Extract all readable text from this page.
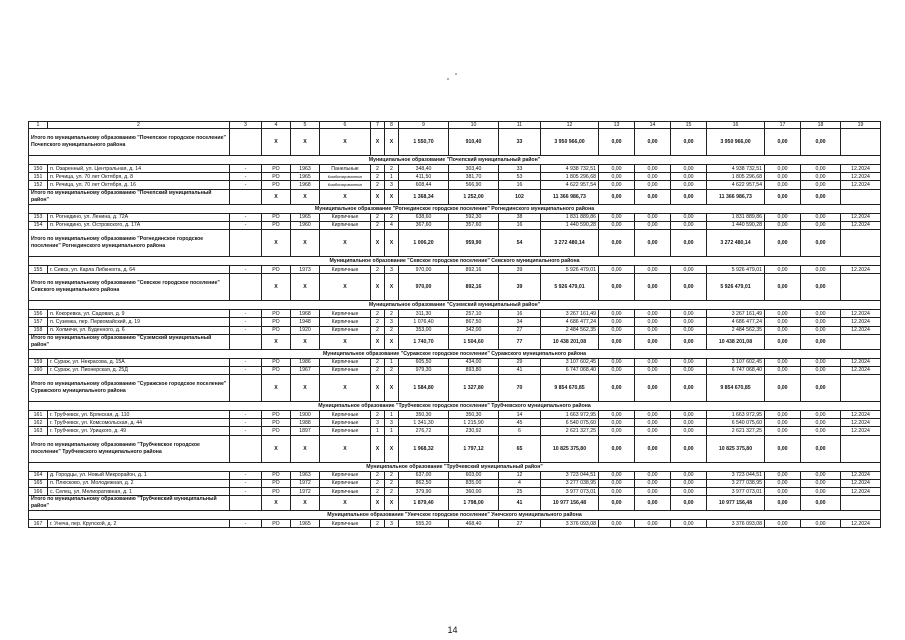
1	2	3	4	5	6	7	8	9	10	11	12	13	14	15	16	17	18	19
Итого по муниципальному образованию "Почепское городское поселение" Почепского муниципального района			X	X	X	X	X	1 550,70	910,40	33	3 950 966,00	0,00	0,00	0,00	3 950 966,00	0,00	0,00	
Муниципальное образование "Почепский муниципальный район"																		
150	п. Озаренный, ул. Центральная, д. 14	-	РО	1963	Панельные	2	2	348,40	303,40	33	4 938 732,51	0,00	0,00	0,00	4 938 732,51	0,00	0,00	12.2024
151	п. Речица, ул. 70 лет Октября, д. 8	-	РО	1965	Комбинированные	2	1	411,50	381,70	53	1 805 296,68	0,00	0,00	0,00	1 805 296,68	0,00	0,00	12.2024
152	п. Речица, ул. 70 лет Октября, д. 16	-	РО	1968	Комбинированные	2	3	608,44	566,90	16	4 622 957,54	0,00	0,00	0,00	4 622 957,54	0,00	0,00	12.2024
Итого по муниципальному образованию "Почепский муниципальный район"			X	X	X	X	X	1 368,34	1 252,00	102	11 366 986,73	0,00	0,00	0,00	11 366 986,73	0,00	0,00	
Муниципальное образование "Рогнединское городское поселение" Рогнединского муниципального района																		
153	п. Рогнедино, ул. Ленина, д. 72А	-	РО	1965	Кирпичные	2	2	638,60	592,30	38	1 831 889,86	0,00	0,00	0,00	1 831 889,86	0,00	0,00	12.2024
154	п. Рогнедино, ул. Островского, д. 17А	-	РО	1960	Кирпичные	2	4	367,60	357,60	16	1 440 590,28	0,00	0,00	0,00	1 440 590,28	0,00	0,00	12.2024
Итого по муниципальному образованию "Рогнединское городское поселение" Рогнединского муниципального района			X	X	X	X	X	1 006,20	959,90	54	3 272 480,14	0,00	0,00	0,00	3 272 480,14	0,00	0,00	
Муниципальное образование "Севское городское поселение" Севского муниципального района																		
155	г. Севск, ул. Карла Либкнехта, д. 64	-	РО	1973	Кирпичные	2	3	970,00	892,16	39	5 926 479,01	0,00	0,00	0,00	5 926 479,01	0,00	0,00	12.2024
Итого по муниципальному образованию "Севское городское поселение" Севского муниципального района			X	X	X	X	X	970,00	892,16	39	5 926 479,01	0,00	0,00	0,00	5 926 479,01	0,00	0,00	
Муниципальное образование "Суземский муниципальный район"																		
156	п. Кокоревка, ул. Садовая, д. 9	-	РО	1968	Кирпичные	2	2	311,30	257,10	16	3 267 161,49	0,00	0,00	0,00	3 267 161,49	0,00	0,00	12.2024
157	п. Суземка, пер. Первомайский, д. 19	-	РО	1948	Кирпичные	2	3	1 076,40	867,50	34	4 686 477,24	0,00	0,00	0,00	4 686 477,24	0,00	0,00	12.2024
158	п. Холмечи, ул. Буденного, д. 6	-	РО	1920	Кирпичные	2	2	353,00	342,00	27	2 484 562,35	0,00	0,00	0,00	2 484 562,35	0,00	0,00	12.2024
Итого по муниципальному образованию "Суземский муниципальный район"			X	X	X	X	X	1 740,70	1 504,60	77	10 438 201,08	0,00	0,00	0,00	10 438 201,08	0,00	0,00	
Муниципальное образование "Суражское городское поселение" Суражского муниципального района																		
159	г. Сураж, ул. Некрасова, д. 15А	-	РО	1986	Кирпичные	2	1	605,50	434,00	29	3 107 602,45	0,00	0,00	0,00	3 107 602,45	0,00	0,00	12.2024
160	г. Сураж, ул. Пионерская, д. 25Д	-	РО	1967	Кирпичные	2	2	979,30	893,80	41	6 747 068,40	0,00	0,00	0,00	6 747 068,40	0,00	0,00	12.2024
Итого по муниципальному образованию "Суражское городское поселение" Суражского муниципального района			X	X	X	X	X	1 584,80	1 327,80	70	9 854 670,85	0,00	0,00	0,00	9 854 670,85	0,00	0,00	
Муниципальное образование "Трубчевское городское поселение" Трубчевского муниципального района																		
161	г. Трубчевск, ул. Брянская, д. 110	-	РО	1900	Кирпичные	2	1	350,30	350,30	14	1 663 972,95	0,00	0,00	0,00	1 663 972,95	0,00	0,00	12.2024
162	г. Трубчевск, ул. Комсомольская, д. 44	-	РО	1988	Кирпичные	3	3	1 341,30	1 215,90	45	6 540 075,60	0,00	0,00	0,00	6 540 075,60	0,00	0,00	12.2024
163	г. Трубчевск, ул. Урицкого, д. 49	-	РО	1897	Кирпичные	1	1	276,72	230,92	6	2 621 327,25	0,00	0,00	0,00	2 621 327,25	0,00	0,00	12.2024
Итого по муниципальному образованию "Трубчевское городское поселение" Трубчевского муниципального района			X	X	X	X	X	1 968,32	1 797,12	65	10 825 375,80	0,00	0,00	0,00	10 825 375,80	0,00	0,00	
Муниципальное образование "Трубчевский муниципальный район"																		
164	д. Городцы, ул. Новый Микрорайон, д. 1	-	РО	1963	Кирпичные	2	2	637,00	603,00	12	3 723 044,51	0,00	0,00	0,00	3 723 044,51	0,00	0,00	12.2024
165	п. Плюсково, ул. Молодежная, д. 2	-	РО	1972	Кирпичные	2	2	862,50	835,00	4	3 277 038,95	0,00	0,00	0,00	3 277 038,95	0,00	0,00	12.2024
166	с. Селец, ул. Мелиоративная, д. 1	-	РО	1972	Кирпичные	2	2	379,90	360,00	25	3 977 073,01	0,00	0,00	0,00	3 977 073,01	0,00	0,00	12.2024
Итого по муниципальному образованию "Трубчевский муниципальный район"			X	X	X	X	X	1 879,40	1 798,00	41	10 977 156,48	0,00	0,00	0,00	10 977 156,48	0,00	0,00	
Муниципальное образование "Унечское городское поселение" Унечского муниципального района																		
167	г. Унеча, пер. Крупской, д. 2	-	РО	1965	Кирпичные	2	3	555,20	468,40	27	3 376 093,08	0,00	0,00	0,00	3 376 093,08	0,00	0,00	12.2024
14
